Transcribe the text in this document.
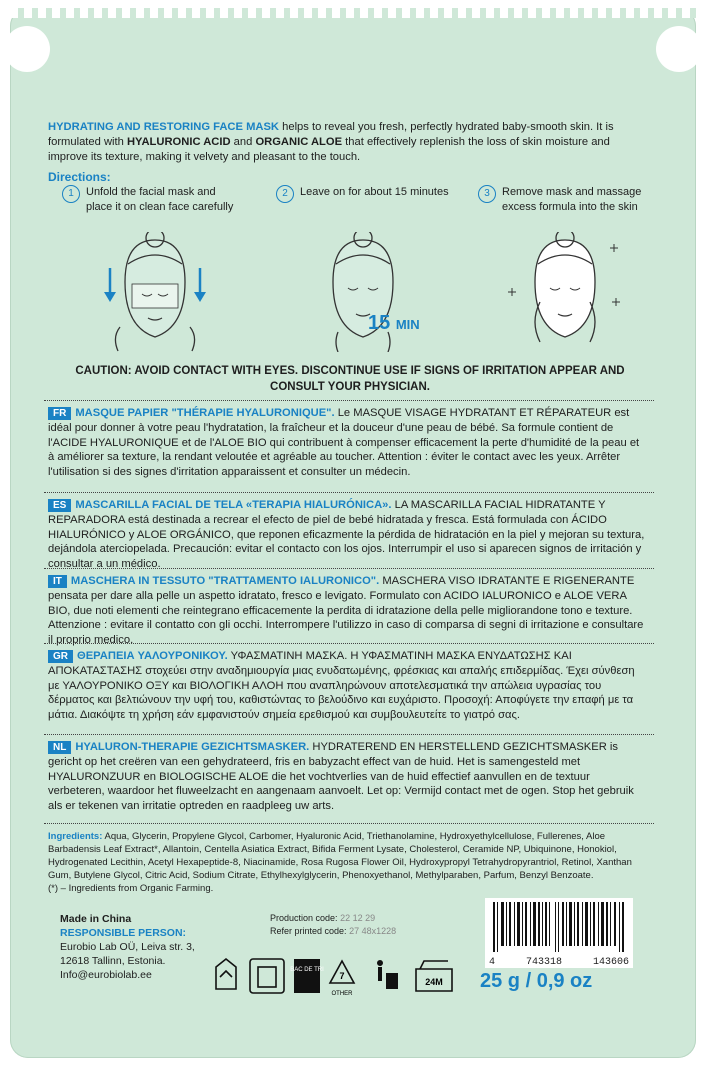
HYDRATING AND RESTORING FACE MASK helps to reveal you fresh, perfectly hydrated baby-smooth skin. It is formulated with HYALURONIC ACID and ORGANIC ALOE that effectively replenish the loss of skin moisture and improve its texture, making it velvety and pleasant to the touch.
Directions:
1	Unfold the facial mask and place it on clean face carefully
2	Leave on for about 15 minutes	3	Remove mask and massage excess formula into the skin
15 MIN
CAUTION: AVOID CONTACT WITH EYES. DISCONTINUE USE IF SIGNS OF IRRITATION APPEAR AND CONSULT YOUR PHYSICIAN.
FR MASQUE PAPIER "THÉRAPIE HYALURONIQUE". Le MASQUE VISAGE HYDRATANT ET RÉPARATEUR est idéal pour donner à votre peau l'hydratation, la fraîcheur et la douceur d'une peau de bébé. Sa formule contient de l'ACIDE HYALURONIQUE et de l'ALOE BIO qui contribuent à compenser efficacement la perte d'humidité de la peau et à améliorer sa texture, la rendant veloutée et agréable au toucher. Attention : éviter le contact avec les yeux. Arrêter l'utilisation si des signes d'irritation apparaissent et consulter un médecin.
ES MASCARILLA FACIAL DE TELA «TERAPIA HIALURÓNICA». LA MASCARILLA FACIAL HIDRATANTE Y REPARADORA está destinada a recrear el efecto de piel de bebé hidratada y fresca. Está formulada con ÁCIDO HIALURÓNICO y ALOE ORGÁNICO, que reponen eficazmente la pérdida de hidratación en la piel y mejoran su textura, dejándola aterciopelada. Precaución: evitar el contacto con los ojos. Interrumpir el uso si aparecen signos de irritación y consultar a un médico.
IT MASCHERA IN TESSUTO "TRATTAMENTO IALURONICO". MASCHERA VISO IDRATANTE E RIGENERANTE pensata per dare alla pelle un aspetto idratato, fresco e levigato. Formulato con ACIDO IALURONICO e ALOE VERA BIO, due noti elementi che reintegrano efficacemente la perdita di idratazione della pelle migliorandone tono e texture. Attenzione : evitare il contatto con gli occhi. Interrompere l'utilizzo in caso di comparsa di segni di irritazione e consultare il proprio medico.
GR ΘΕΡΑΠΕΙΑ ΥΑΛΟΥΡΟΝΙΚΟΥ. ΥΦΑΣΜΑΤΙΝΗ ΜΑΣΚΑ. Η ΥΦΑΣΜΑΤΙΝΗ ΜΑΣΚΑ ΕΝΥΔΑΤΩΣΗΣ ΚΑΙ ΑΠΟΚΑΤΑΣΤΑΣΗΣ στοχεύει στην αναδημιουργία μιας ενυδατωμένης, φρέσκιας και απαλής επιδερμίδας. Έχει σύνθεση με ΥΑΛΟΥΡΟΝΙΚΟ ΟΞΥ και ΒΙΟΛΟΓΙΚΗ ΑΛΟΗ που αναπληρώνουν αποτελεσματικά την απώλεια υγρασίας του δέρματος και βελτιώνουν την υφή του, καθιστώντας το βελούδινο και ευχάριστο. Προσοχή: Αποφύγετε την επαφή με τα μάτια. Διακόψτε τη χρήση εάν εμφανιστούν σημεία ερεθισμού και συμβουλευτείτε το γιατρό σας.
NL HYALURON-THERAPIE GEZICHTSMASKER. HYDRATEREND EN HERSTELLEND GEZICHTSMASKER is gericht op het creëren van een gehydrateerd, fris en babyzacht effect van de huid. Het is samengesteld met HYALURONZUUR en BIOLOGISCHE ALOE die het vochtverlies van de huid effectief aanvullen en de textuur verbeteren, waardoor het fluweelzacht en aangenaam aanvoelt. Let op: Vermijd contact met de ogen. Stop het gebruik als er tekenen van irritatie optreden en raadpleeg uw arts.
Ingredients: Aqua, Glycerin, Propylene Glycol, Carbomer, Hyaluronic Acid, Triethanolamine, Hydroxyethylcellulose, Fullerenes, Aloe Barbadensis Leaf Extract*, Allantoin, Centella Asiatica Extract, Bifida Ferment Lysate, Cholesterol, Ceramide NP, Ubiquinone, Honokiol, Hydrogenated Lecithin, Acetyl Hexapeptide-8, Niacinamide, Rosa Rugosa Flower Oil, Hydroxypropyl Tetrahydropyrantriol, Retinol, Xanthan Gum, Butylene Glycol, Citric Acid, Sodium Citrate, Ethylhexylglycerin, Phenoxyethanol, Methylparaben, Parfum, Benzyl Benzoate.
(*) – Ingredients from Organic Farming.
Made in China
RESPONSIBLE PERSON:
Eurobio Lab OÜ, Leiva str. 3,
12618 Tallinn, Estonia.
Info@eurobiolab.ee
Production code: 22 12 29
Refer printed code: 27 48x1228
4	743318	143606
BAC DE TRI
7
OTHER
24M 25 g / 0,9 oz
